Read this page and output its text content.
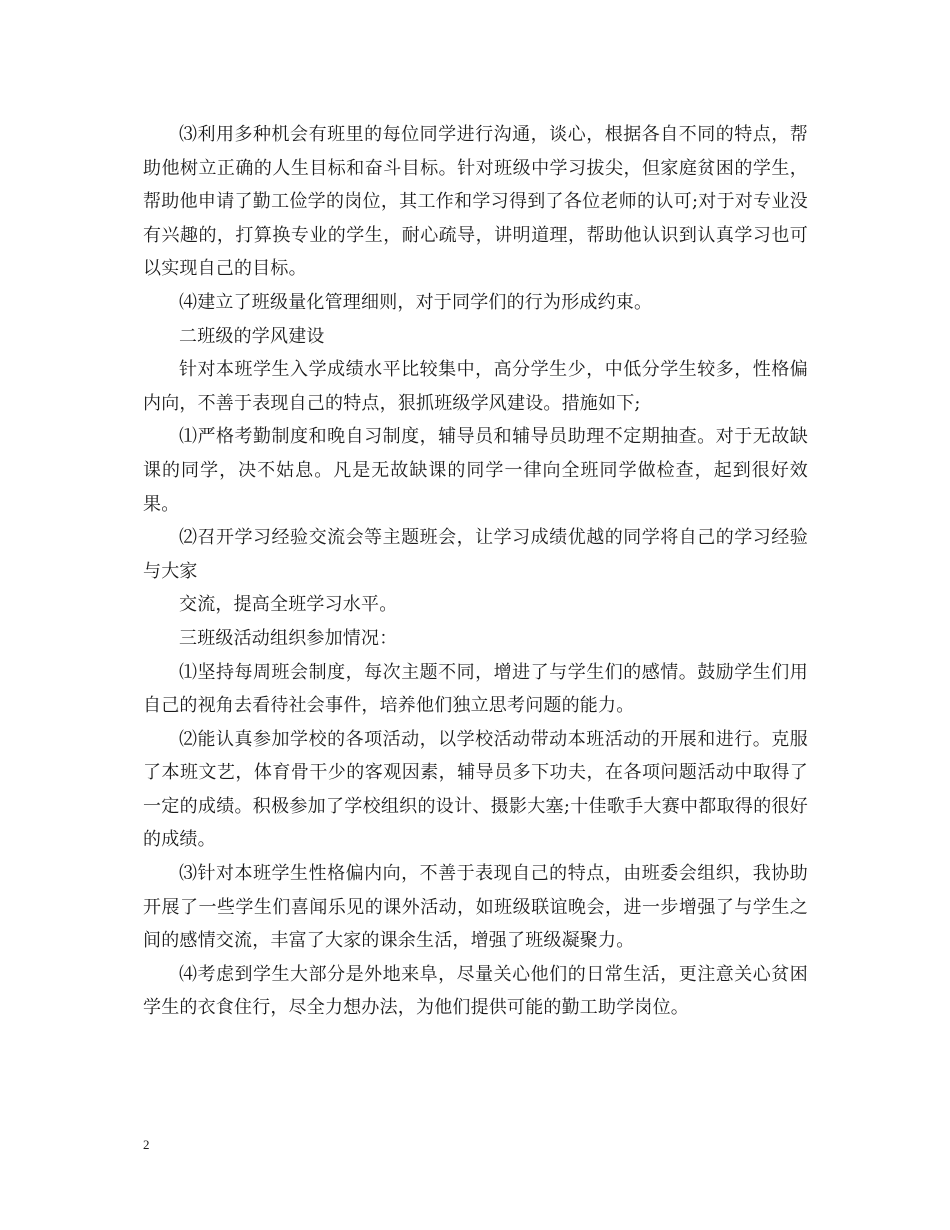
⑶利用多种机会有班里的每位同学进行沟通，谈心，根据各自不同的特点，帮助他树立正确的人生目标和奋斗目标。针对班级中学习拔尖，但家庭贫困的学生，帮助他申请了勤工俭学的岗位，其工作和学习得到了各位老师的认可;对于对专业没有兴趣的，打算换专业的学生，耐心疏导，讲明道理，帮助他认识到认真学习也可以实现自己的目标。

⑷建立了班级量化管理细则，对于同学们的行为形成约束。

二班级的学风建设

针对本班学生入学成绩水平比较集中，高分学生少，中低分学生较多，性格偏内向，不善于表现自己的特点，狠抓班级学风建设。措施如下;

⑴严格考勤制度和晚自习制度，辅导员和辅导员助理不定期抽查。对于无故缺课的同学，决不姑息。凡是无故缺课的同学一律向全班同学做检查，起到很好效果。

⑵召开学习经验交流会等主题班会，让学习成绩优越的同学将自己的学习经验与大家

交流，提高全班学习水平。

三班级活动组织参加情况：

⑴坚持每周班会制度，每次主题不同，增进了与学生们的感情。鼓励学生们用自己的视角去看待社会事件，培养他们独立思考问题的能力。

⑵能认真参加学校的各项活动，以学校活动带动本班活动的开展和进行。克服了本班文艺，体育骨干少的客观因素，辅导员多下功夫，在各项问题活动中取得了一定的成绩。积极参加了学校组织的设计、摄影大塞;十佳歌手大赛中都取得的很好的成绩。

⑶针对本班学生性格偏内向，不善于表现自己的特点，由班委会组织，我协助开展了一些学生们喜闻乐见的课外活动，如班级联谊晚会，进一步增强了与学生之间的感情交流，丰富了大家的课余生活，增强了班级凝聚力。

⑷考虑到学生大部分是外地来阜，尽量关心他们的日常生活，更注意关心贫困学生的衣食住行，尽全力想办法，为他们提供可能的勤工助学岗位。

2
